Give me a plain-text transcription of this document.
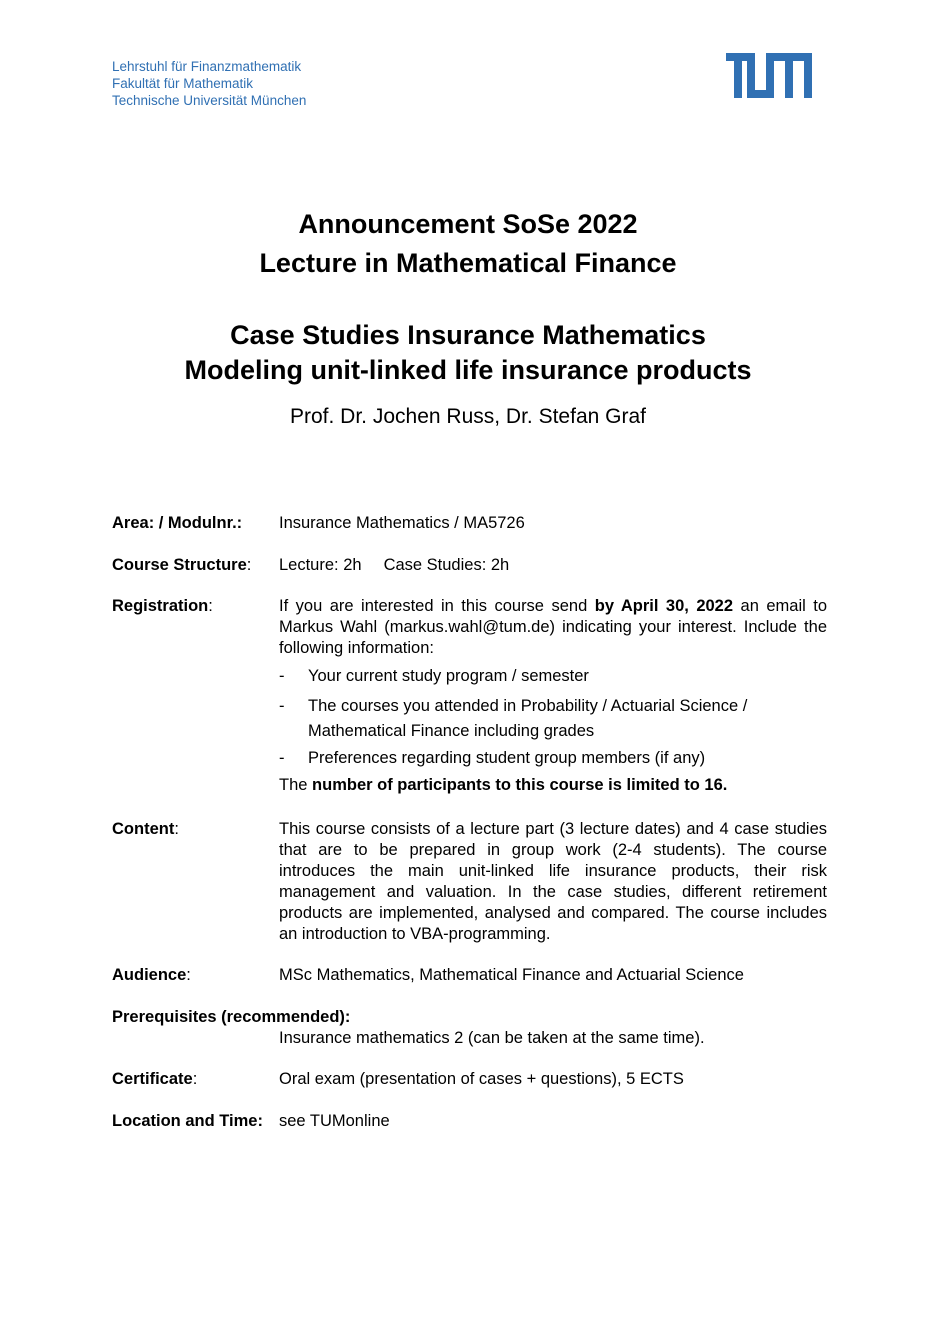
Lehrstuhl für Finanzmathematik
Fakultät für Mathematik
Technische Universität München
Announcement SoSe 2022
Lecture in Mathematical Finance
Case Studies Insurance Mathematics
Modeling unit-linked life insurance products
Prof. Dr. Jochen Russ, Dr. Stefan Graf
Area: / Modulnr.: Insurance Mathematics / MA5726
Course Structure: Lecture: 2h Case Studies: 2h
Registration:	If you are interested in this course send by April 30, 2022 an email to Markus Wahl (markus.wahl@tum.de) indicating your interest. Include the following information:
- Your current study program / semester
- The courses you attended in Probability / Actuarial Science / Mathematical Finance including grades
- Preferences regarding student group members (if any)
The number of participants to this course is limited to 16.
Content:	This course consists of a lecture part (3 lecture dates) and 4 case studies that are to be prepared in group work (2-4 students). The course introduces the main unit-linked life insurance products, their risk management and valuation. In the case studies, different retirement products are implemented, analysed and compared. The course includes an introduction to VBA-programming.
Audience:	MSc Mathematics, Mathematical Finance and Actuarial Science
Prerequisites (recommended):
Insurance mathematics 2 (can be taken at the same time).
Certificate:	Oral exam (presentation of cases + questions), 5 ECTS
Location and Time: see TUMonline
